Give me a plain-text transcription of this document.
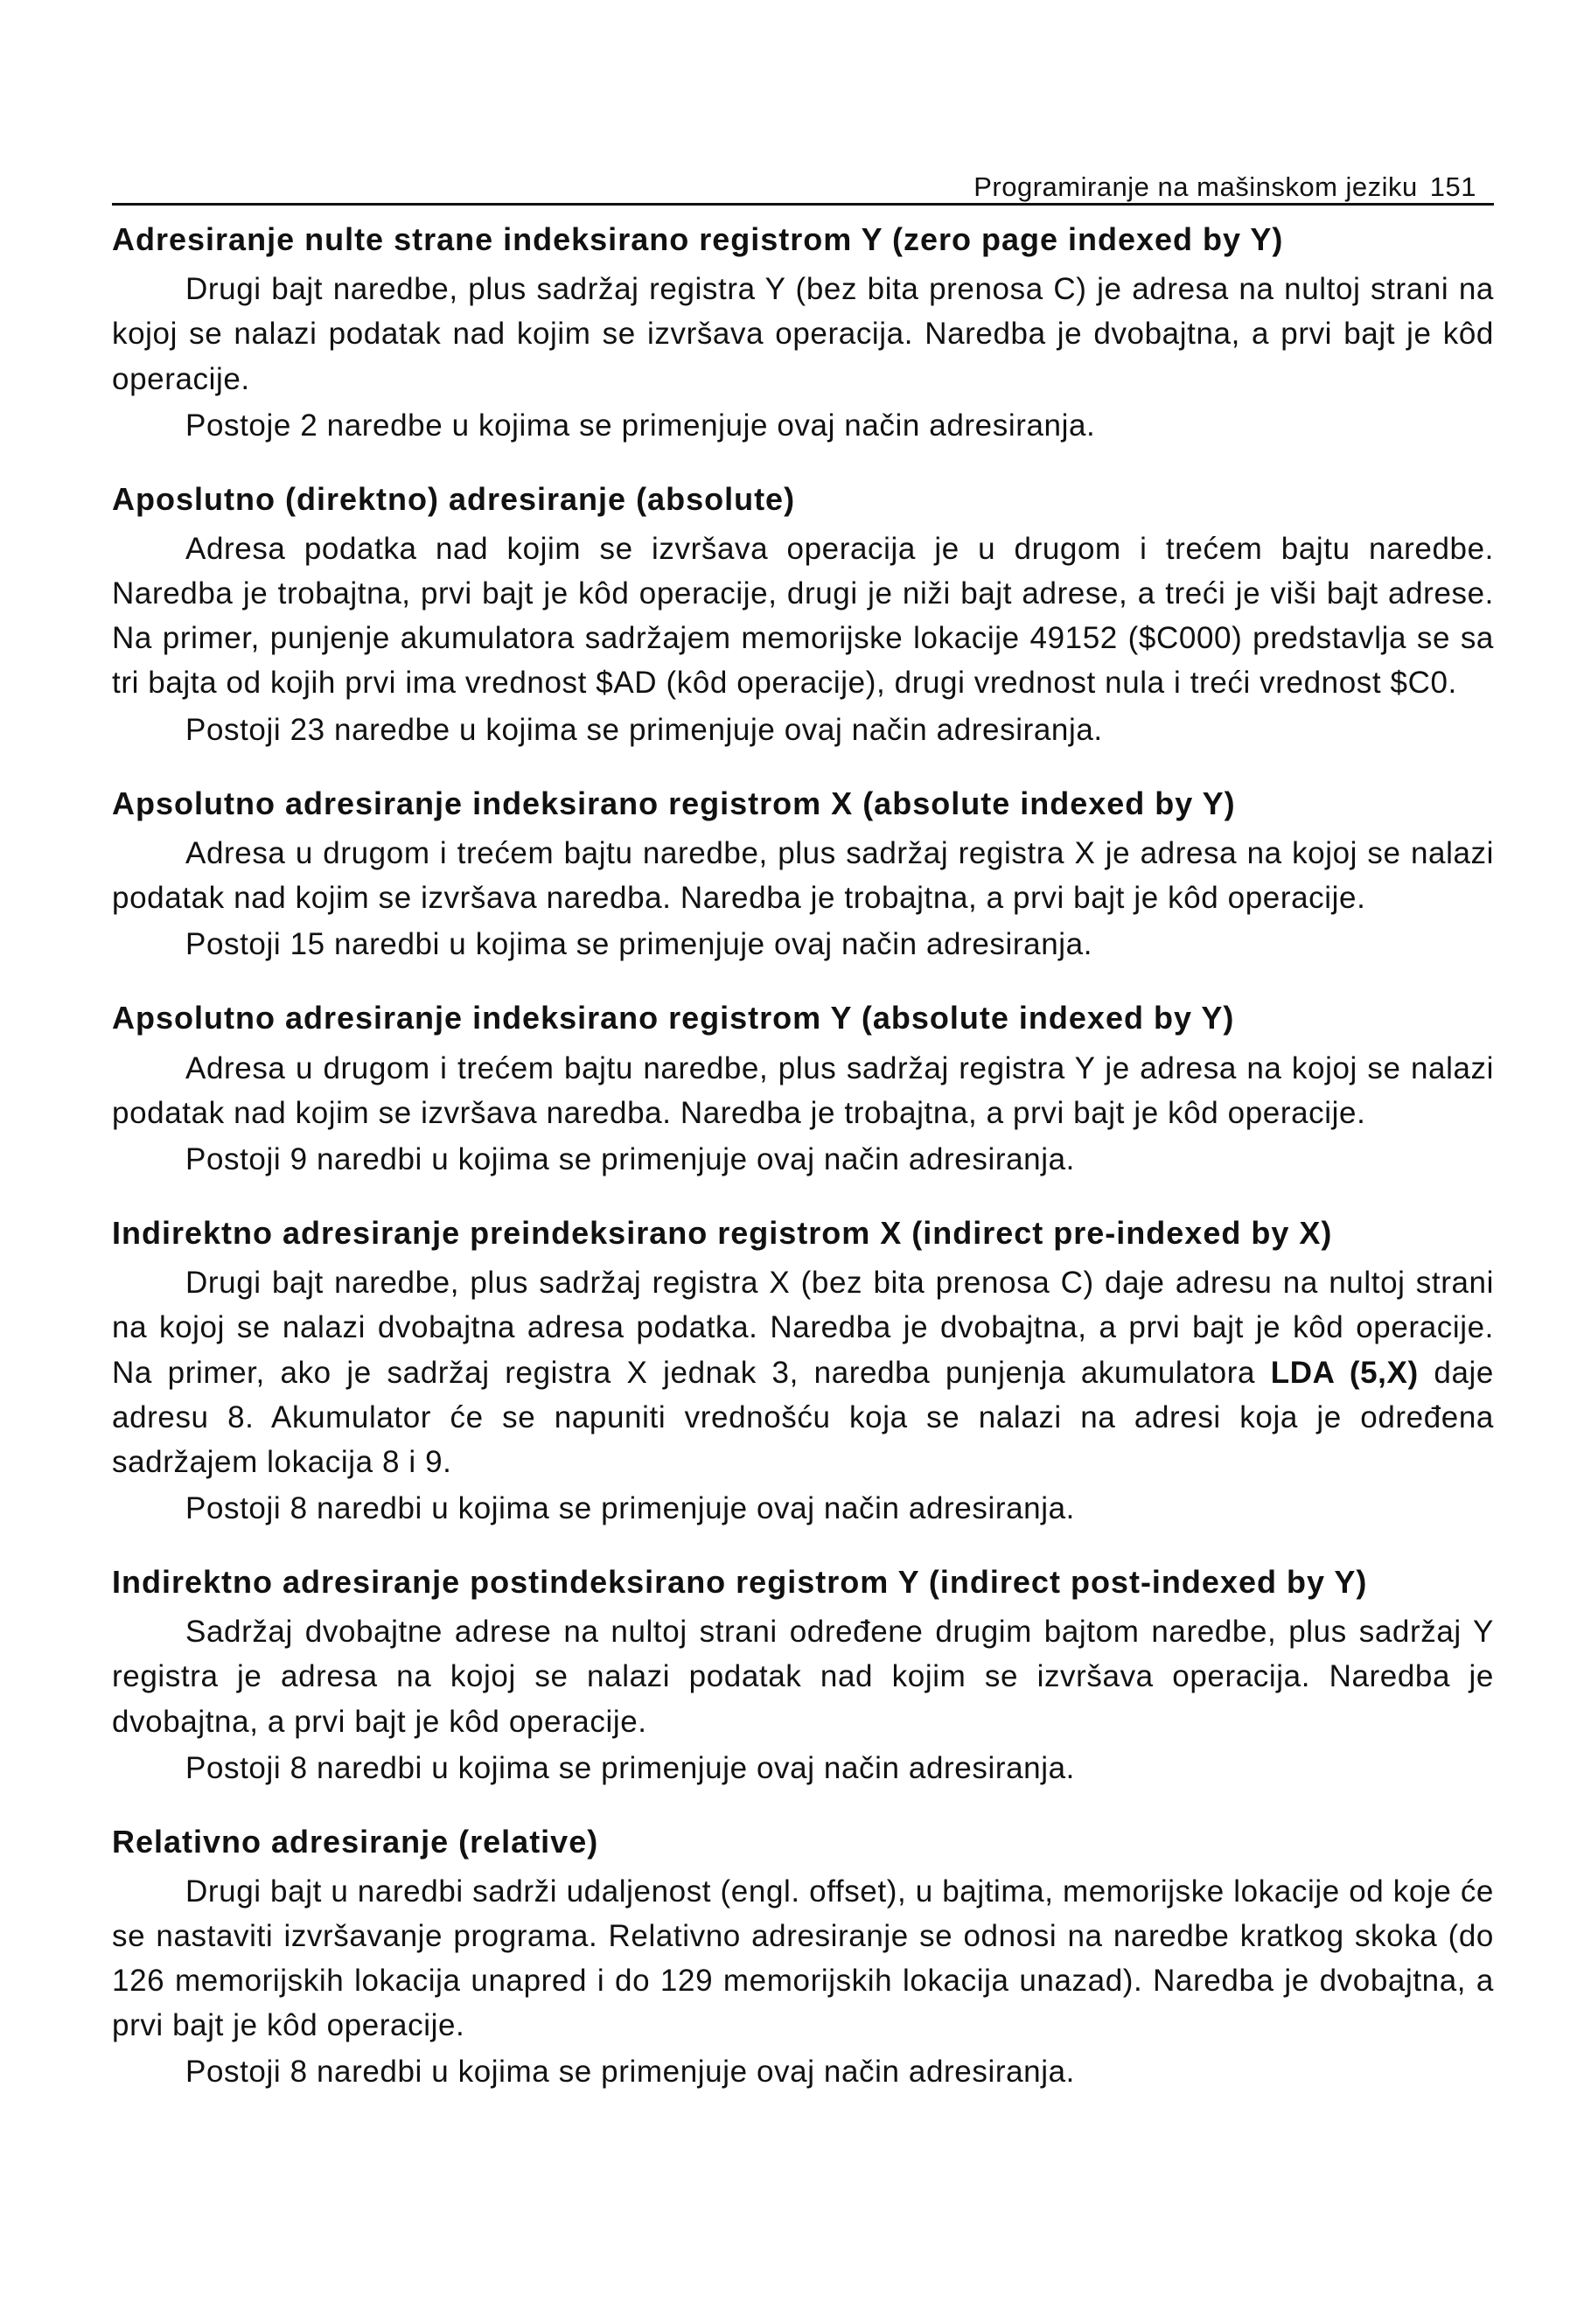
Programiranje na mašinskom jeziku 151
Adresiranje nulte strane indeksirano registrom Y (zero page indexed by Y)

Drugi bajt naredbe, plus sadržaj registra Y (bez bita prenosa C) je adresa na nultoj strani na kojoj se nalazi podatak nad kojim se izvršava operacija. Naredba je dvobajtna, a prvi bajt je kôd operacije.

Postoje 2 naredbe u kojima se primenjuje ovaj način adresiranja.

Aposlutno (direktno) adresiranje (absolute)

Adresa podatka nad kojim se izvršava operacija je u drugom i trećem bajtu naredbe. Naredba je trobajtna, prvi bajt je kôd operacije, drugi je niži bajt adrese, a treći je viši bajt adrese. Na primer, punjenje akumulatora sadržajem memorijske lokacije 49152 ($C000) predstavlja se sa tri bajta od kojih prvi ima vrednost $AD (kôd operacije), drugi vrednost nula i treći vrednost $C0.

Postoji 23 naredbe u kojima se primenjuje ovaj način adresiranja.

Apsolutno adresiranje indeksirano registrom X (absolute indexed by Y)

Adresa u drugom i trećem bajtu naredbe, plus sadržaj registra X je adresa na kojoj se nalazi podatak nad kojim se izvršava naredba. Naredba je trobajtna, a prvi bajt je kôd operacije.

Postoji 15 naredbi u kojima se primenjuje ovaj način adresiranja.

Apsolutno adresiranje indeksirano registrom Y (absolute indexed by Y)

Adresa u drugom i trećem bajtu naredbe, plus sadržaj registra Y je adresa na kojoj se nalazi podatak nad kojim se izvršava naredba. Naredba je trobajtna, a prvi bajt je kôd operacije.

Postoji 9 naredbi u kojima se primenjuje ovaj način adresiranja.

Indirektno adresiranje preindeksirano registrom X (indirect pre-indexed by X)

Drugi bajt naredbe, plus sadržaj registra X (bez bita prenosa C) daje adresu na nultoj strani na kojoj se nalazi dvobajtna adresa podatka. Naredba je dvobajtna, a prvi bajt je kôd operacije. Na primer, ako je sadržaj registra X jednak 3, naredba punjenja akumulatora LDA (5,X) daje adresu 8. Akumulator će se napuniti vrednošću koja se nalazi na adresi koja je određena sadržajem lokacija 8 i 9.

Postoji 8 naredbi u kojima se primenjuje ovaj način adresiranja.

Indirektno adresiranje postindeksirano registrom Y (indirect post-indexed by Y)

Sadržaj dvobajtne adrese na nultoj strani određene drugim bajtom naredbe, plus sadržaj Y registra je adresa na kojoj se nalazi podatak nad kojim se izvršava operacija. Naredba je dvobajtna, a prvi bajt je kôd operacije.

Postoji 8 naredbi u kojima se primenjuje ovaj način adresiranja.

Relativno adresiranje (relative)

Drugi bajt u naredbi sadrži udaljenost (engl. offset), u bajtima, memorijske lokacije od koje će se nastaviti izvršavanje programa. Relativno adresiranje se odnosi na naredbe kratkog skoka (do 126 memorijskih lokacija unapred i do 129 memorijskih lokacija unazad). Naredba je dvobajtna, a prvi bajt je kôd operacije.

Postoji 8 naredbi u kojima se primenjuje ovaj način adresiranja.
